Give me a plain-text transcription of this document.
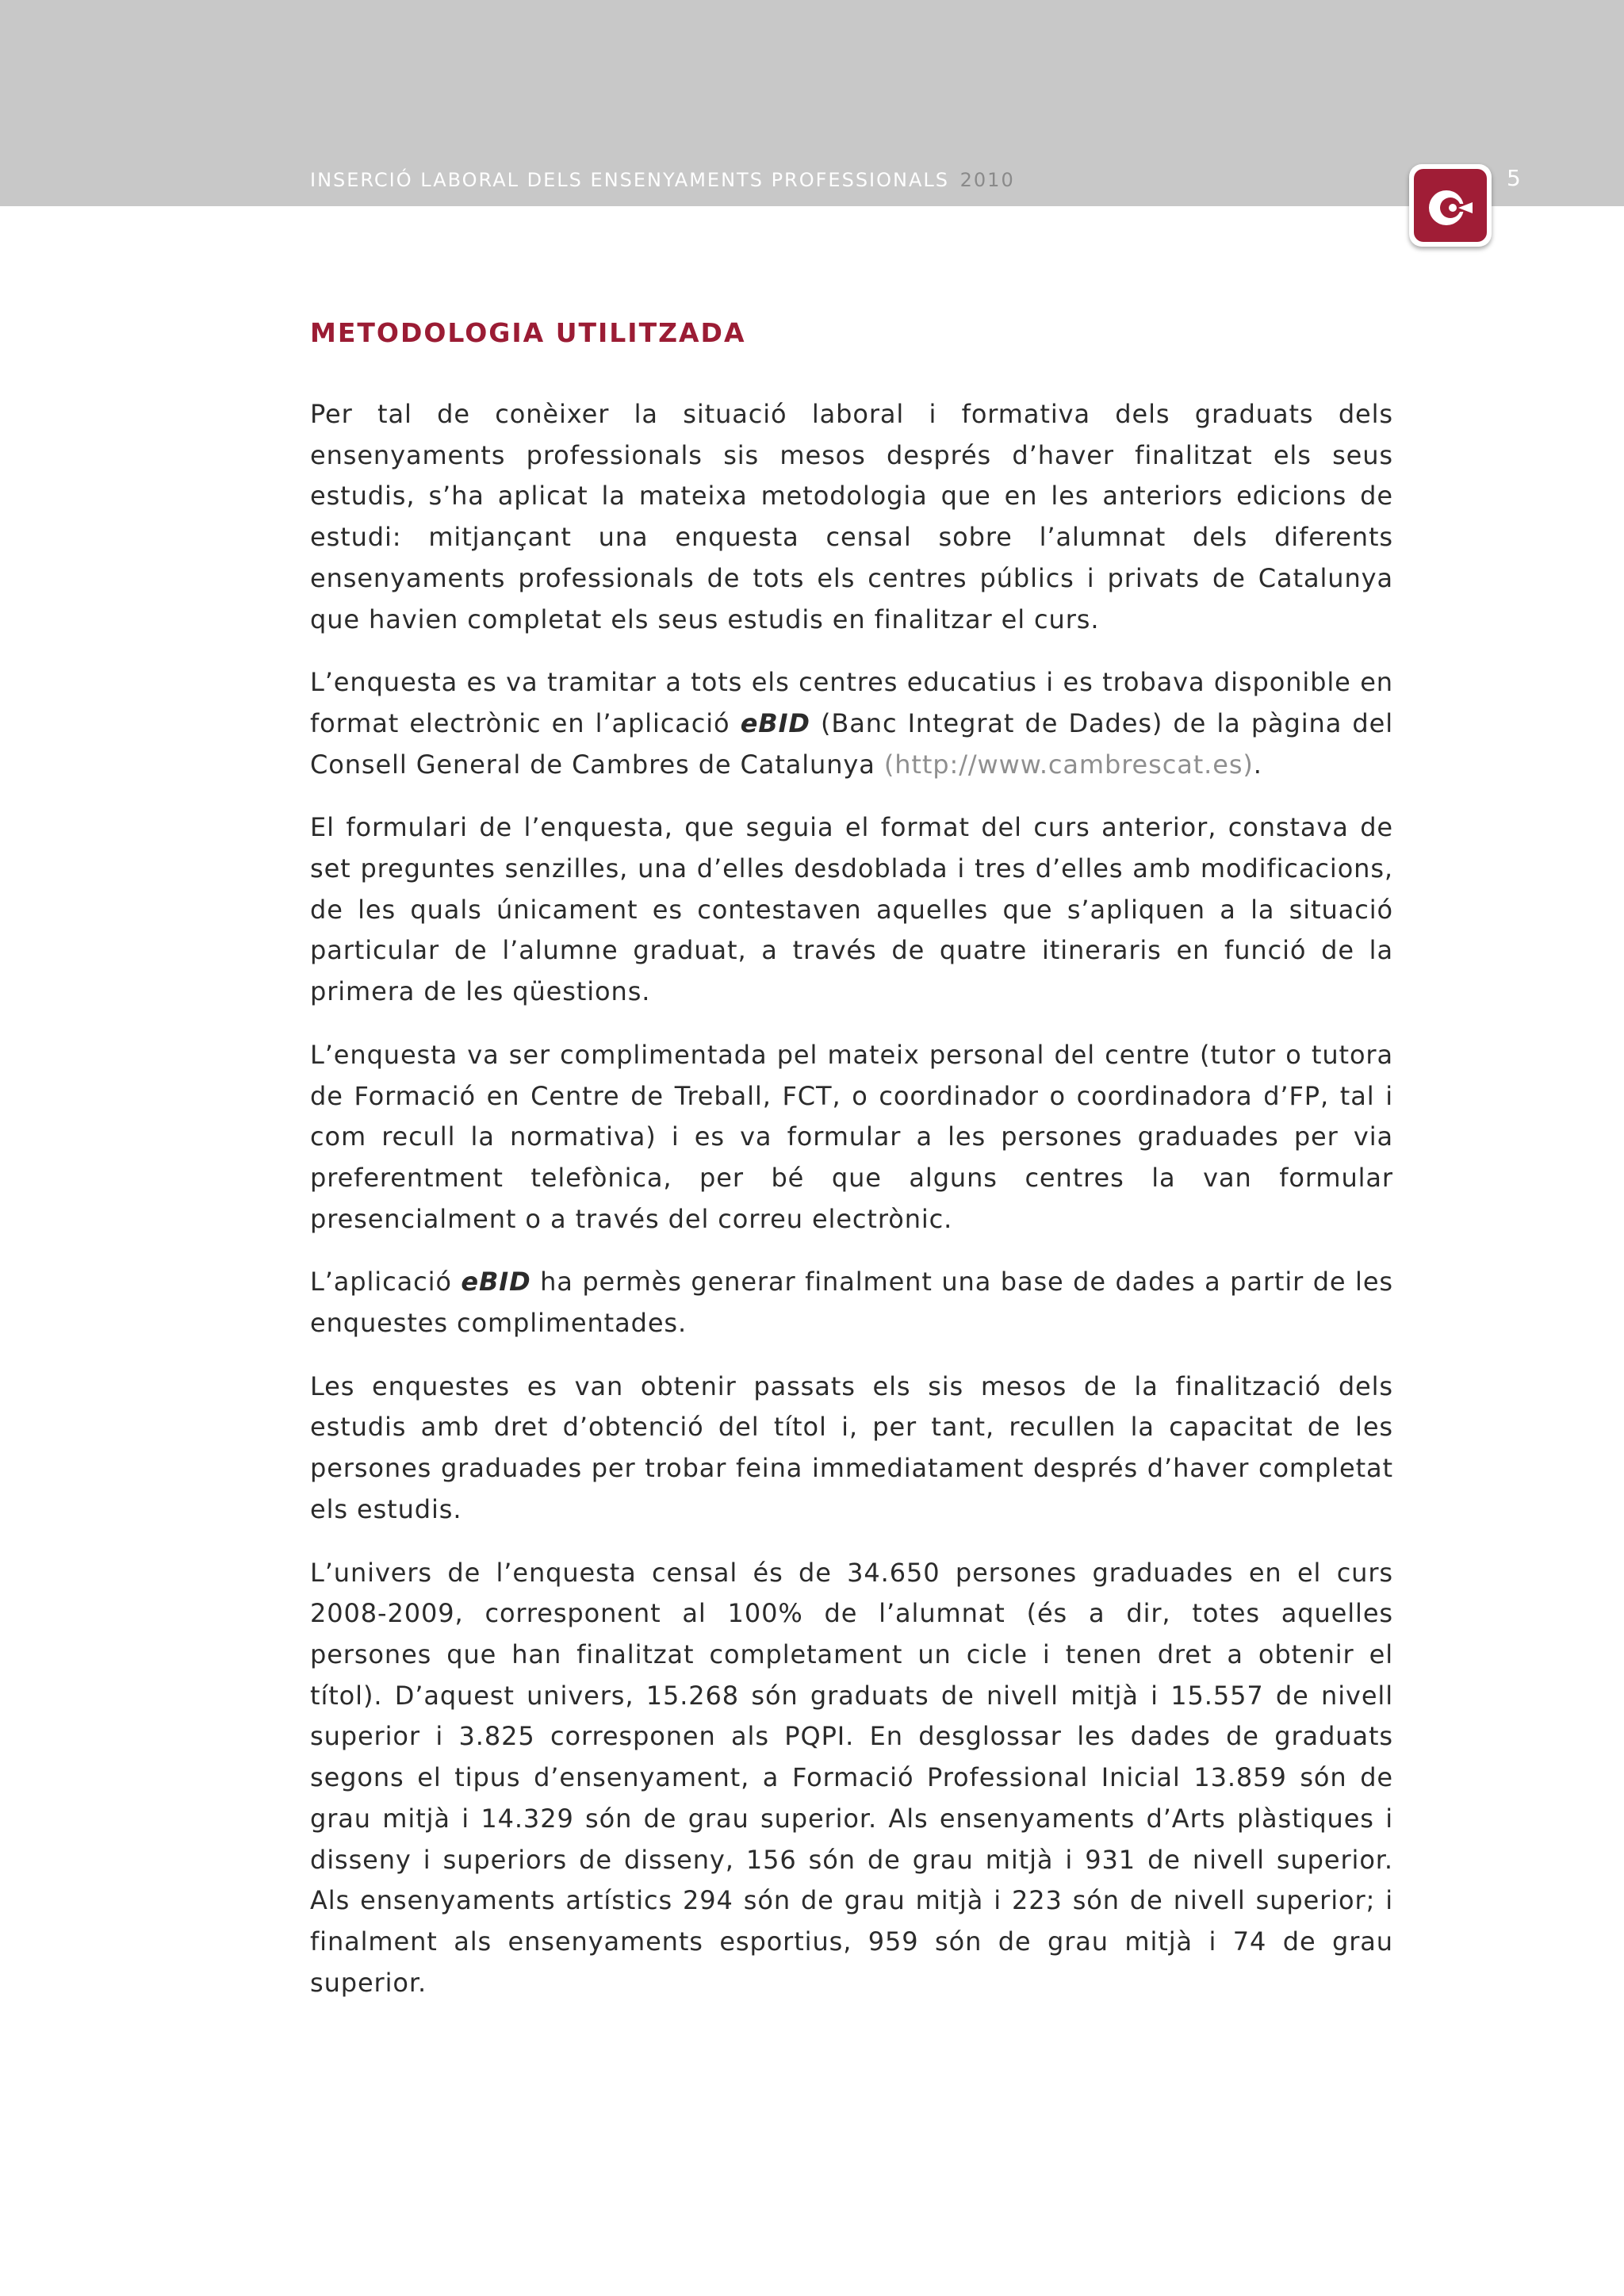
INSERCIÓ LABORAL DELS ENSENYAMENTS PROFESSIONALS 2010	5
METODOLOGIA UTILITZADA

Per tal de conèixer la situació laboral i formativa dels graduats dels ensenyaments professionals sis mesos després d’haver finalitzat els seus estudis, s’ha aplicat la mateixa metodologia que en les anteriors edicions de estudi: mitjançant una enquesta censal sobre l’alumnat dels diferents ensenyaments professionals de tots els centres públics i privats de Catalunya que havien completat els seus estudis en finalitzar el curs.

L’enquesta es va tramitar a tots els centres educatius i es trobava disponible en format electrònic en l’aplicació eBID (Banc Integrat de Dades) de la pàgina del Consell General de Cambres de Catalunya (http://www.cambrescat.es).

El formulari de l’enquesta, que seguia el format del curs anterior, constava de set preguntes senzilles, una d’elles desdoblada i tres d’elles amb modificacions, de les quals únicament es contestaven aquelles que s’apliquen a la situació particular de l’alumne graduat, a través de quatre itineraris en funció de la primera de les qüestions.

L’enquesta va ser complimentada pel mateix personal del centre (tutor o tutora de Formació en Centre de Treball, FCT, o coordinador o coordinadora d’FP, tal i com recull la normativa) i es va formular a les persones graduades per via preferentment telefònica, per bé que alguns centres la van formular presencialment o a través del correu electrònic.

L’aplicació eBID ha permès generar finalment una base de dades a partir de les enquestes complimentades.

Les enquestes es van obtenir passats els sis mesos de la finalització dels estudis amb dret d’obtenció del títol i, per tant, recullen la capacitat de les persones graduades per trobar feina immediatament després d’haver completat els estudis.

L’univers de l’enquesta censal és de 34.650 persones graduades en el curs 2008-2009, corresponent al 100% de l’alumnat (és a dir, totes aquelles persones que han finalitzat completament un cicle i tenen dret a obtenir el títol). D’aquest univers, 15.268 són graduats de nivell mitjà i 15.557 de nivell superior i 3.825 corresponen als PQPI. En desglossar les dades de graduats segons el tipus d’ensenyament, a Formació Professional Inicial 13.859 són de grau mitjà i 14.329 són de grau superior. Als ensenyaments d’Arts plàstiques i disseny i superiors de disseny, 156 són de grau mitjà i 931 de nivell superior. Als ensenyaments artístics 294 són de grau mitjà i 223 són de nivell superior; i finalment als ensenyaments esportius, 959 són de grau mitjà i 74 de grau superior.
